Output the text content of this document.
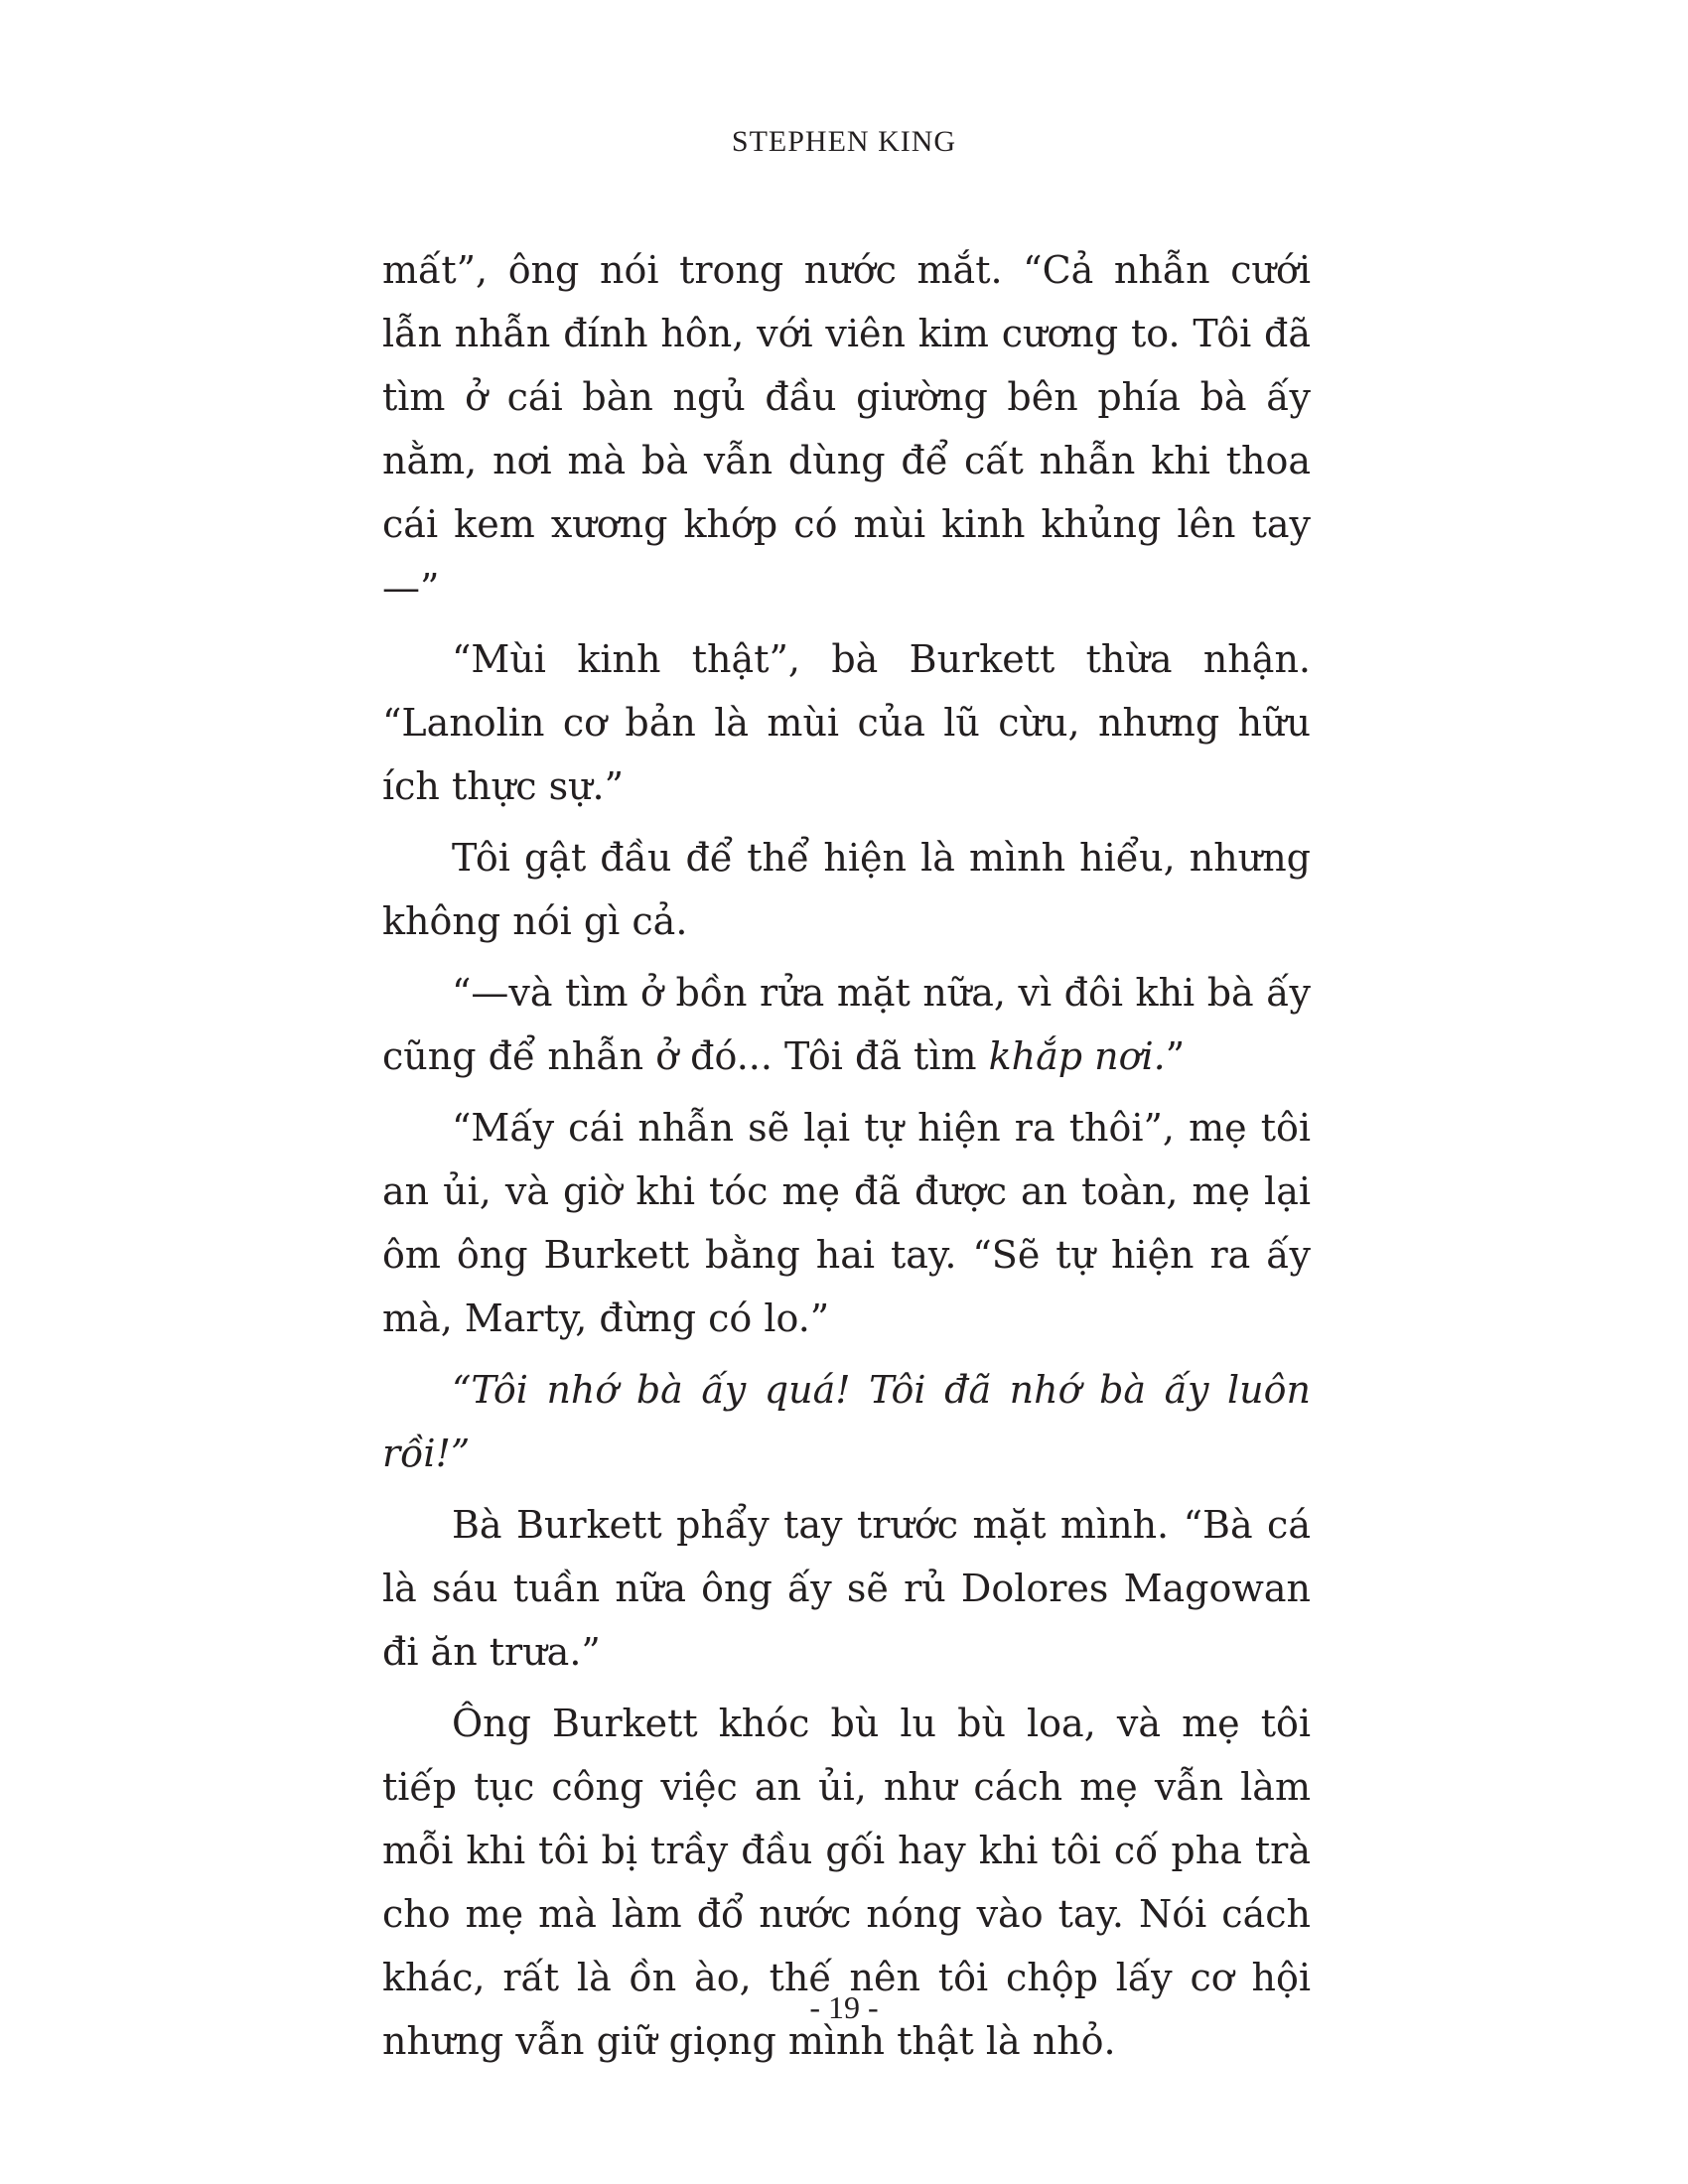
STEPHEN KING

mất”, ông nói trong nước mắt. “Cả nhẫn cưới lẫn nhẫn đính hôn, với viên kim cương to. Tôi đã tìm ở cái bàn ngủ đầu giường bên phía bà ấy nằm, nơi mà bà vẫn dùng để cất nhẫn khi thoa cái kem xương khớp có mùi kinh khủng lên tay—”

“Mùi kinh thật”, bà Burkett thừa nhận. “Lanolin cơ bản là mùi của lũ cừu, nhưng hữu ích thực sự.”

Tôi gật đầu để thể hiện là mình hiểu, nhưng không nói gì cả.

“—và tìm ở bồn rửa mặt nữa, vì đôi khi bà ấy cũng để nhẫn ở đó... Tôi đã tìm khắp nơi.”

“Mấy cái nhẫn sẽ lại tự hiện ra thôi”, mẹ tôi an ủi, và giờ khi tóc mẹ đã được an toàn, mẹ lại ôm ông Burkett bằng hai tay. “Sẽ tự hiện ra ấy mà, Marty, đừng có lo.”

“Tôi nhớ bà ấy quá! Tôi đã nhớ bà ấy luôn rồi!”

Bà Burkett phẩy tay trước mặt mình. “Bà cá là sáu tuần nữa ông ấy sẽ rủ Dolores Magowan đi ăn trưa.”

Ông Burkett khóc bù lu bù loa, và mẹ tôi tiếp tục công việc an ủi, như cách mẹ vẫn làm mỗi khi tôi bị trầy đầu gối hay khi tôi cố pha trà cho mẹ mà làm đổ nước nóng vào tay. Nói cách khác, rất là ồn ào, thế nên tôi chộp lấy cơ hội nhưng vẫn giữ giọng mình thật là nhỏ.

- 19 -
